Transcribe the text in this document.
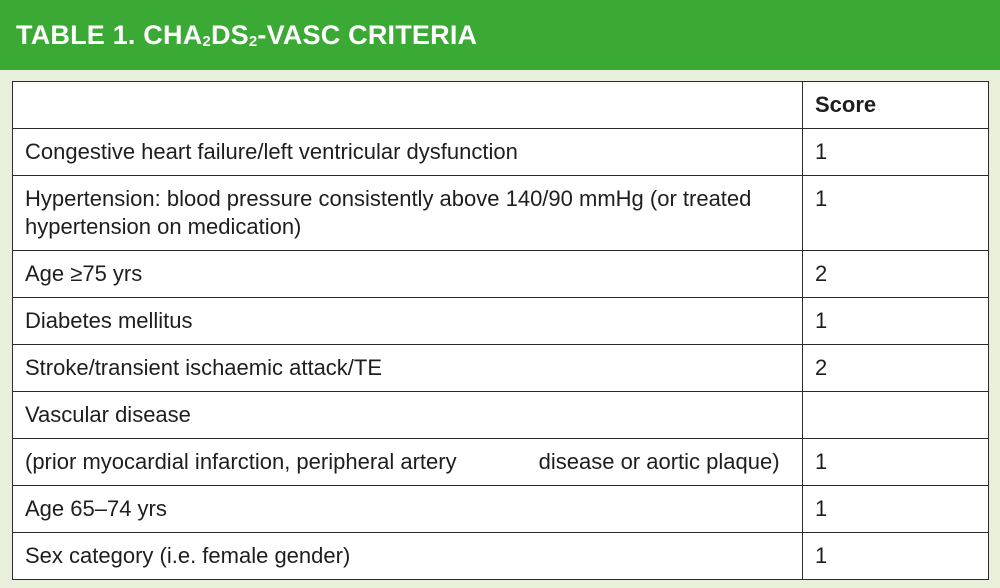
TABLE 1. $CHA_2DS_2$-VASC CRITERIA
	Score
Congestive heart failure/left ventricular dysfunction	1
Hypertension: blood pressure consistently above 140/90 mmHg (or treated hypertension on medication)	1
Age ≥75 yrs	2
Diabetes mellitus	1
Stroke/transient ischaemic attack/TE	2
Vascular disease	
(prior myocardial infarction, peripheral artery disease or aortic plaque)	1
Age 65–74 yrs	1
Sex category (i.e. female gender)	1
